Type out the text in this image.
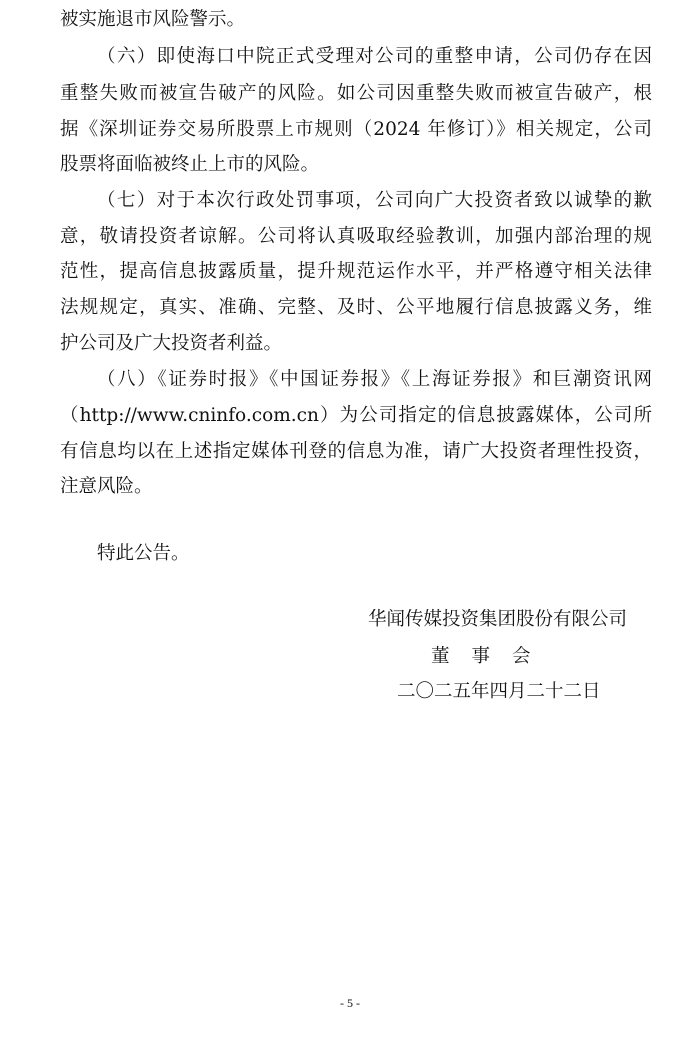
被实施退市风险警示。
（六）即使海口中院正式受理对公司的重整申请，公司仍存在因
重整失败而被宣告破产的风险。如公司因重整失败而被宣告破产，根
据《深圳证券交易所股票上市规则（2024 年修订）》相关规定，公司
股票将面临被终止上市的风险。
（七）对于本次行政处罚事项，公司向广大投资者致以诚挚的歉
意，敬请投资者谅解。公司将认真吸取经验教训，加强内部治理的规
范性，提高信息披露质量，提升规范运作水平，并严格遵守相关法律
法规规定，真实、准确、完整、及时、公平地履行信息披露义务，维
护公司及广大投资者利益。
（八）《证券时报》《中国证券报》《上海证券报》和巨潮资讯网
（http://www.cninfo.com.cn）为公司指定的信息披露媒体，公司所
有信息均以在上述指定媒体刊登的信息为准，请广大投资者理性投资，
注意风险。
特此公告。
华闻传媒投资集团股份有限公司
董事会
二〇二五年四月二十二日
- 5 -
